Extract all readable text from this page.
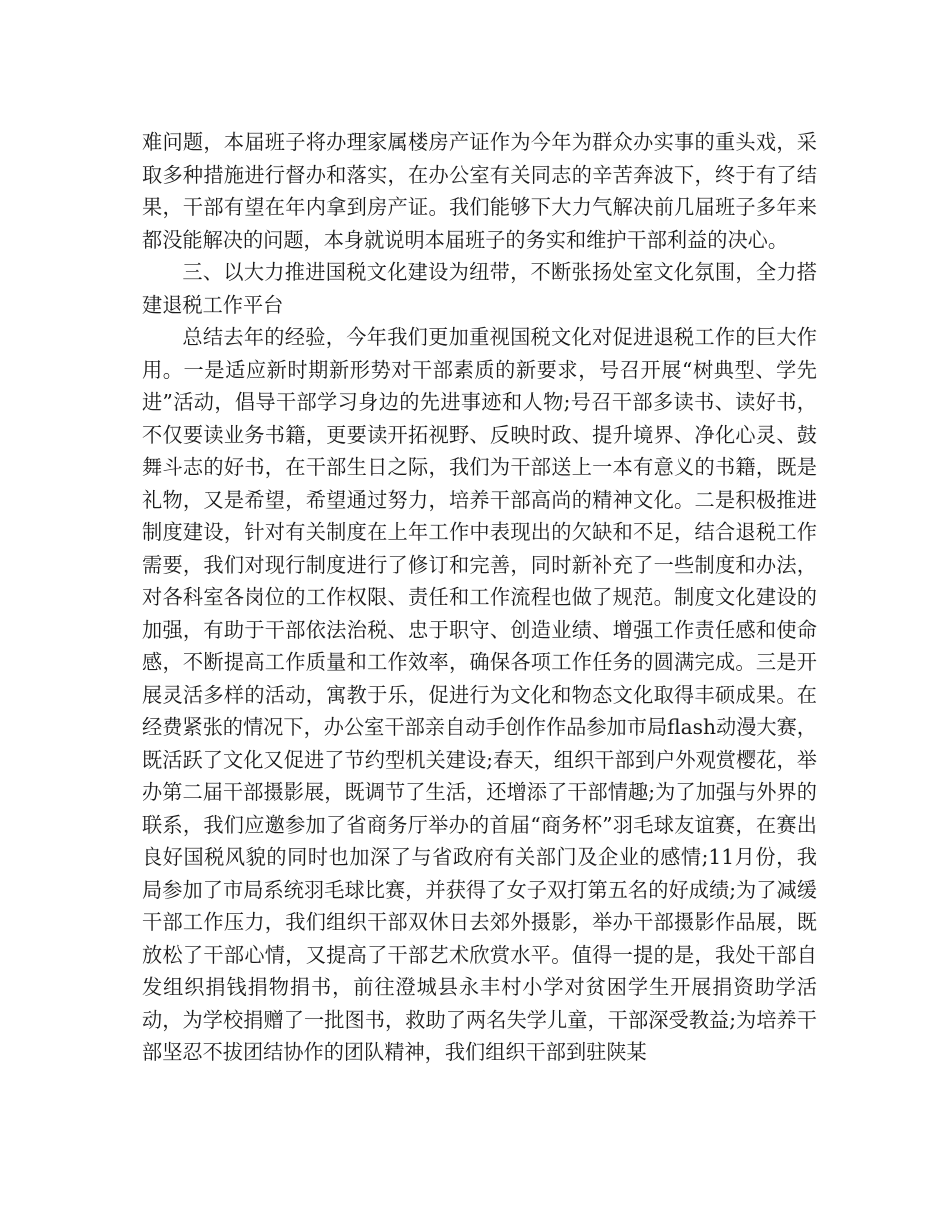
难问题，本届班子将办理家属楼房产证作为今年为群众办实事的重头戏，采取多种措施进行督办和落实，在办公室有关同志的辛苦奔波下，终于有了结果，干部有望在年内拿到房产证。我们能够下大力气解决前几届班子多年来都没能解决的问题，本身就说明本届班子的务实和维护干部利益的决心。

三、以大力推进国税文化建设为纽带，不断张扬处室文化氛围，全力搭建退税工作平台

总结去年的经验，今年我们更加重视国税文化对促进退税工作的巨大作用。一是适应新时期新形势对干部素质的新要求，号召开展“树典型、学先进”活动，倡导干部学习身边的先进事迹和人物;号召干部多读书、读好书，不仅要读业务书籍，更要读开拓视野、反映时政、提升境界、净化心灵、鼓舞斗志的好书，在干部生日之际，我们为干部送上一本有意义的书籍，既是礼物，又是希望，希望通过努力，培养干部高尚的精神文化。二是积极推进制度建设，针对有关制度在上年工作中表现出的欠缺和不足，结合退税工作需要，我们对现行制度进行了修订和完善，同时新补充了一些制度和办法，对各科室各岗位的工作权限、责任和工作流程也做了规范。制度文化建设的加强，有助于干部依法治税、忠于职守、创造业绩、增强工作责任感和使命感，不断提高工作质量和工作效率，确保各项工作任务的圆满完成。三是开展灵活多样的活动，寓教于乐，促进行为文化和物态文化取得丰硕成果。在经费紧张的情况下，办公室干部亲自动手创作作品参加市局flash动漫大赛，既活跃了文化又促进了节约型机关建设;春天，组织干部到户外观赏樱花，举办第二届干部摄影展，既调节了生活，还增添了干部情趣;为了加强与外界的联系，我们应邀参加了省商务厅举办的首届“商务杯”羽毛球友谊赛，在赛出良好国税风貌的同时也加深了与省政府有关部门及企业的感情;11月份，我局参加了市局系统羽毛球比赛，并获得了女子双打第五名的好成绩;为了减缓干部工作压力，我们组织干部双休日去郊外摄影，举办干部摄影作品展，既放松了干部心情，又提高了干部艺术欣赏水平。值得一提的是，我处干部自发组织捐钱捐物捐书，前往澄城县永丰村小学对贫困学生开展捐资助学活动，为学校捐赠了一批图书，救助了两名失学儿童，干部深受教益;为培养干部坚忍不拔团结协作的团队精神，我们组织干部到驻陕某
